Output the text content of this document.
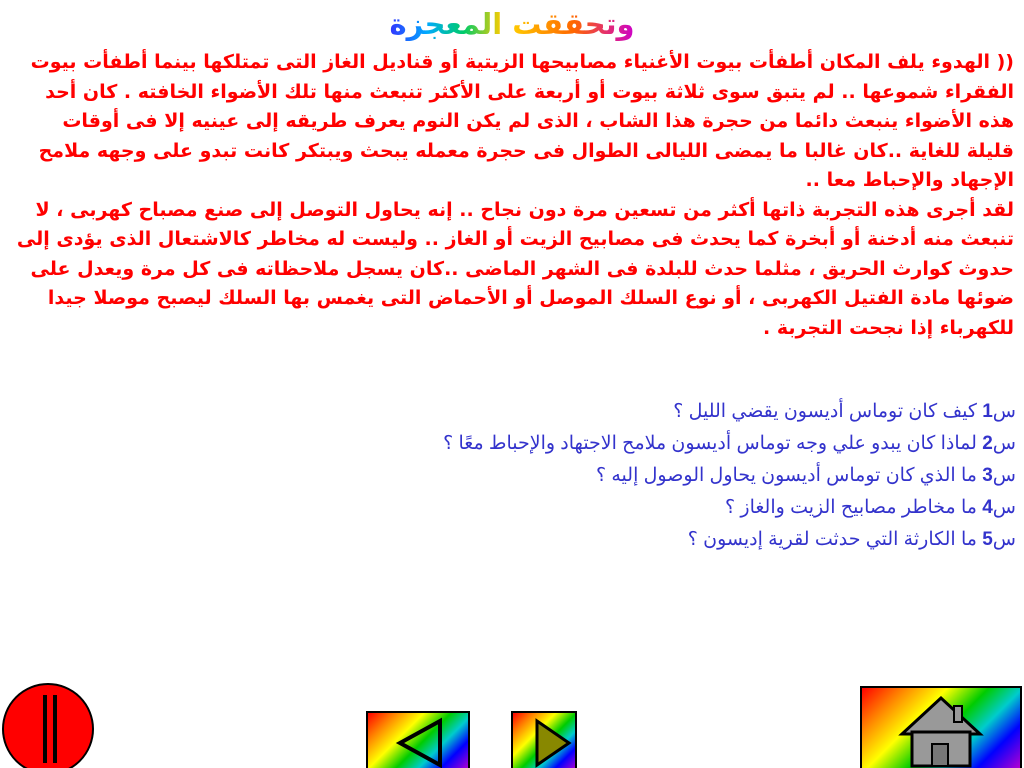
وتحققت المعجزة

(( الهدوء يلف المكان أطفأت بيوت الأغنياء مصابيحها الزيتية أو قناديل الغاز التى تمتلكها بينما أطفأت بيوت الفقراء شموعها .. لم يتبق سوى ثلاثة بيوت أو أربعة على الأكثر تنبعث منها تلك الأضواء الخافته . كان أحد هذه الأضواء ينبعث دائما من حجرة هذا الشاب ، الذى لم يكن النوم يعرف طريقه إلى عينيه إلا فى أوقات قليلة للغاية ..كان غالبا ما يمضى الليالى الطوال فى حجرة معمله يبحث ويبتكر كانت تبدو على وجهه ملامح الإجهاد والإحباط معا ..

لقد أجرى هذه التجربة ذاتها أكثر من تسعين مرة دون نجاح .. إنه يحاول التوصل إلى صنع مصباح كهربى ، لا تنبعث منه أدخنة أو أبخرة كما يحدث فى مصابيح الزيت أو الغاز .. وليست له مخاطر كالاشتعال الذى يؤدى إلى حدوث كوارث الحريق ، مثلما حدث للبلدة فى الشهر الماضى ..كان يسجل ملاحظاته فى كل مرة ويعدل على ضوئها مادة الفتيل الكهربى ، أو نوع السلك الموصل أو الأحماض التى يغمس بها السلك ليصبح موصلا جيدا للكهرباء إذا نجحت التجربة .

س1 كيف كان توماس أديسون يقضي الليل ؟
س2 لماذا كان يبدو علي وجه توماس أديسون ملامح الاجتهاد والإحباط معًا ؟
س3 ما الذي كان توماس أديسون يحاول الوصول إليه ؟
س4 ما مخاطر مصابيح الزيت والغاز ؟
س5 ما الكارثة التي حدثت لقرية إديسون ؟
